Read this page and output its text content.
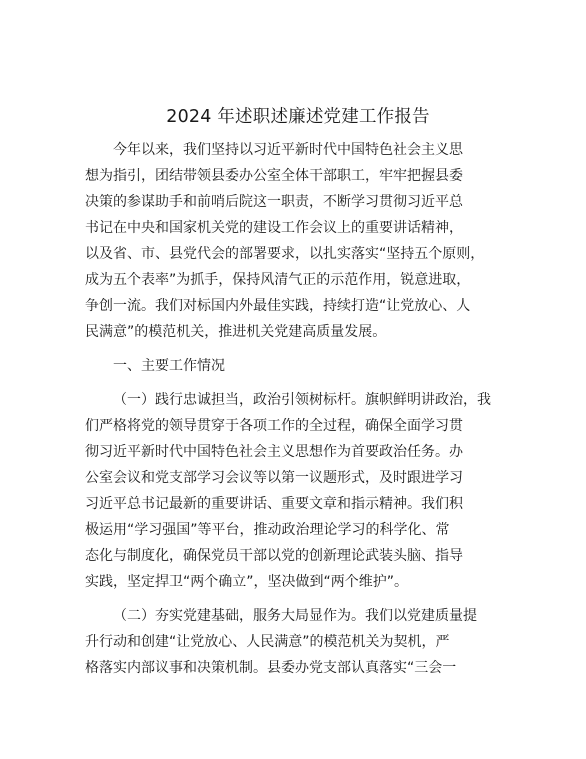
2024 年述职述廉述党建工作报告
今年以来，我们坚持以习近平新时代中国特色社会主义思
想为指引，团结带领县委办公室全体干部职工，牢牢把握县委
决策的参谋助手和前哨后院这一职责，不断学习贯彻习近平总
书记在中央和国家机关党的建设工作会议上的重要讲话精神，
以及省、市、县党代会的部署要求，以扎实落实“坚持五个原则，
成为五个表率”为抓手，保持风清气正的示范作用，锐意进取，
争创一流。我们对标国内外最佳实践，持续打造“让党放心、人
民满意”的模范机关，推进机关党建高质量发展。
一、主要工作情况
（一）践行忠诚担当，政治引领树标杆。旗帜鲜明讲政治，我
们严格将党的领导贯穿于各项工作的全过程，确保全面学习贯
彻习近平新时代中国特色社会主义思想作为首要政治任务。办
公室会议和党支部学习会议等以第一议题形式，及时跟进学习
习近平总书记最新的重要讲话、重要文章和指示精神。我们积
极运用“学习强国”等平台，推动政治理论学习的科学化、常
态化与制度化，确保党员干部以党的创新理论武装头脑、指导
实践，坚定捍卫“两个确立”，坚决做到“两个维护”。
（二）夯实党建基础，服务大局显作为。我们以党建质量提
升行动和创建“让党放心、人民满意”的模范机关为契机，严
格落实内部议事和决策机制。县委办党支部认真落实“三会一
